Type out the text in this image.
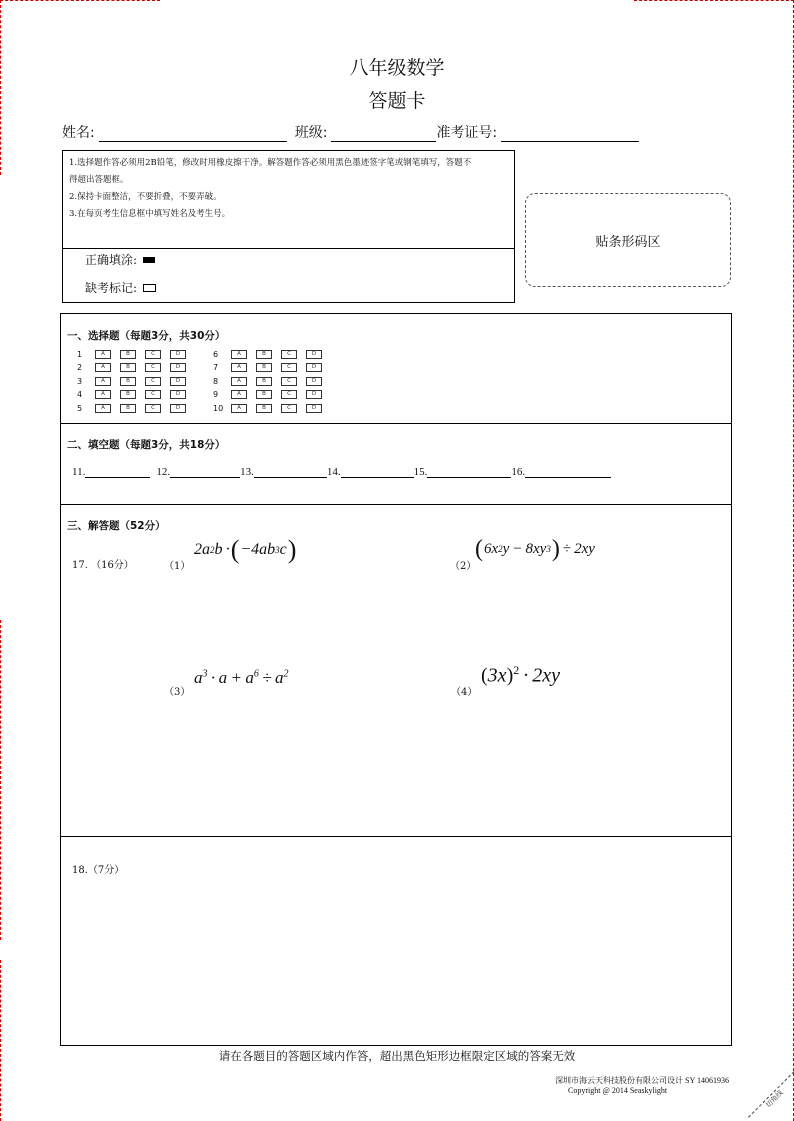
八年级数学
答题卡
姓名:	班级:	准考证号:
1.选择题作答必须用2B铅笔，修改时用橡皮擦干净。解答题作答必须用黑色墨迹签字笔或钢笔填写，答题不
得超出答题框。
2.保持卡面整洁，不要折叠，不要弄破。
3.在每页考生信息框中填写姓名及考生号。
正确填涂:
缺考标记:
贴条形码区
一、选择题（每题3分，共30分）
1	A	B	C	D
2	A	B	C	D
3	A	B	C	D
4	A	B	C	D
5	A	B	C	D
6	A	B	C	D
7	A	B	C	D
8	A	B	C	D
9	A	B	C	D
10	A	B	C	D
二、填空题（每题3分，共18分）
11.	12.	13.	14.	15.	16.
三、解答题（52分）
17. （16分）	（1）
2 a 2 b  · ( −4 ab 3 c )
（2）
( 6 x 2 y  − 8 xy 3 )  ÷  2 xy
（3）
$a^3 \cdot a + a^6 \div a^2$
（4）
$(3x)^2 \cdot 2xy$
18.（7分）
请在各题目的答题区域内作答，超出黑色矩形边框限定区域的答案无效
深圳市海云天科技股份有限公司设计 SY 14061936
Copyright @ 2014 Seaskylight	切角线
